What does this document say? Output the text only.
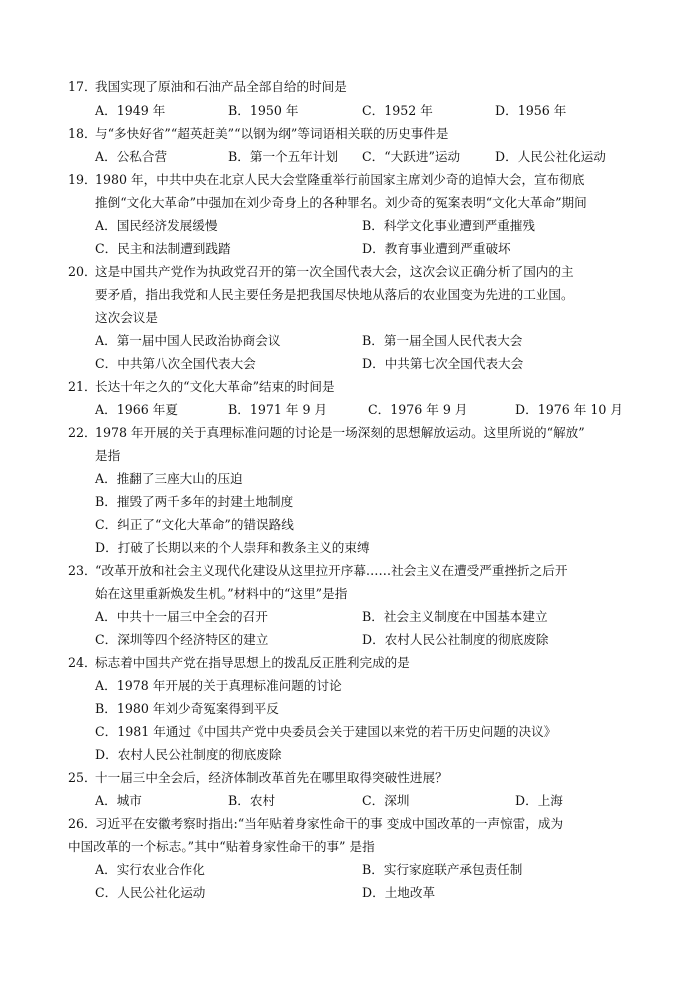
17．
我国实现了原油和石油产品全部自给的时间是
A．1949 年	B．1950 年	C．1952 年	D．1956 年
18．
与“多快好省”“超英赶美”“以钢为纲”等词语相关联的历史事件是
A．公私合营	B．第一个五年计划 C．“大跃进”运动	D．人民公社化运动
19．
1980 年，中共中央在北京人民大会堂隆重举行前国家主席刘少奇的追悼大会，宣布彻底
推倒“文化大革命”中强加在刘少奇身上的各种罪名。刘少奇的冤案表明“文化大革命”期间
A．国民经济发展缓慢	B．科学文化事业遭到严重摧残
C．民主和法制遭到践踏	D．教育事业遭到严重破坏
20．
这是中国共产党作为执政党召开的第一次全国代表大会，这次会议正确分析了国内的主
要矛盾，指出我党和人民主要任务是把我国尽快地从落后的农业国变为先进的工业国。
这次会议是
A．第一届中国人民政治协商会议	B．第一届全国人民代表大会
C．中共第八次全国代表大会	D．中共第七次全国代表大会
21．
长达十年之久的“文化大革命”结束的时间是
A．1966 年夏	B．1971 年 9 月	C．1976 年 9 月	D．1976 年 10 月
22．
1978 年开展的关于真理标准问题的讨论是一场深刻的思想解放运动。这里所说的“解放”
是指
A．推翻了三座大山的压迫
B．摧毁了两千多年的封建土地制度
C．纠正了“文化大革命”的错误路线
D．打破了长期以来的个人崇拜和教条主义的束缚
23．
“改革开放和社会主义现代化建设从这里拉开序幕……社会主义在遭受严重挫折之后开
始在这里重新焕发生机。”材料中的“这里”是指
A．中共十一届三中全会的召开	B．社会主义制度在中国基本建立
C．深圳等四个经济特区的建立	D．农村人民公社制度的彻底废除
24．
标志着中国共产党在指导思想上的拨乱反正胜利完成的是
A．1978 年开展的关于真理标准问题的讨论
B．1980 年刘少奇冤案得到平反
C．1981 年通过《中国共产党中央委员会关于建国以来党的若干历史问题的决议》
D．农村人民公社制度的彻底废除
25．
十一届三中全会后，经济体制改革首先在哪里取得突破性进展？
A．城市	B．农村	C．深圳	D．上海
26．
习近平在安徽考察时指出:“当年贴着身家性命干的事 变成中国改革的一声惊雷，成为
中国改革的一个标志。”其中“贴着身家性命干的事” 是指
A．实行农业合作化	B．实行家庭联产承包责任制
C．人民公社化运动	D．土地改革
